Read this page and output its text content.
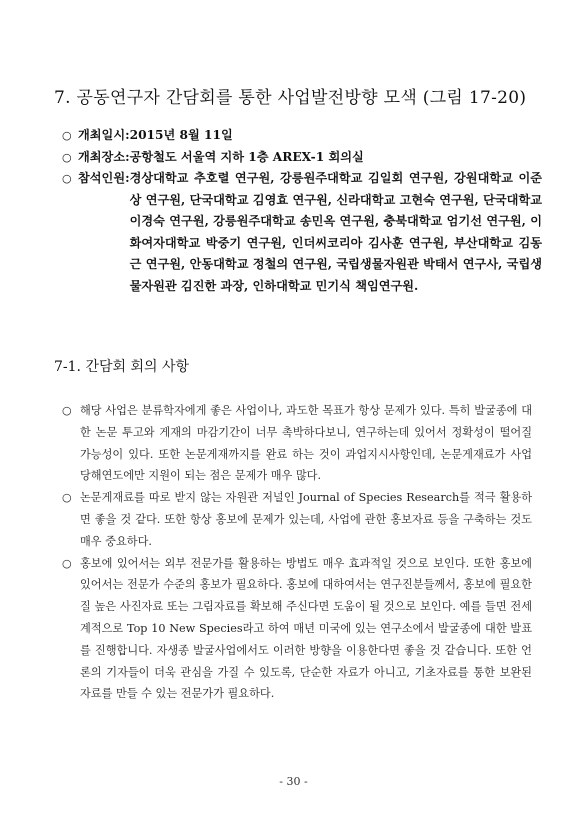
7. 공동연구자 간담회를 통한 사업발전방향 모색 (그림 17-20)
○ 개최일시: 2015년 8월 11일
○ 개최장소: 공항철도 서울역 지하 1층 AREX-1 회의실
○ 참석인원: 경상대학교 추호렬 연구원, 강릉원주대학교 김일회 연구원, 강원대학교 이준상 연구원, 단국대학교 김영효 연구원, 신라대학교 고현숙 연구원, 단국대학교 이경숙 연구원, 강릉원주대학교 송민옥 연구원, 충북대학교 엄기선 연구원, 이화여자대학교 박중기 연구원, 인더씨코리아 김사훈 연구원, 부산대학교 김동근 연구원, 안동대학교 정철의 연구원, 국립생물자원관 박태서 연구사, 국립생물자원관 김진한 과장, 인하대학교 민기식 책임연구원.
7-1. 간담회 회의 사항
○ 해당 사업은 분류학자에게 좋은 사업이나, 과도한 목표가 항상 문제가 있다. 특히 발굴종에 대한 논문 투고와 게재의 마감기간이 너무 촉박하다보니, 연구하는데 있어서 정확성이 떨어질 가능성이 있다. 또한 논문게재까지를 완료 하는 것이 과업지시사항인데, 논문게재료가 사업 당해연도에만 지원이 되는 점은 문제가 매우 많다.
○ 논문게재료를 따로 받지 않는 자원관 저널인 Journal of Species Research를 적극 활용하면 좋을 것 같다. 또한 항상 홍보에 문제가 있는데, 사업에 관한 홍보자료 등을 구축하는 것도 매우 중요하다.
○ 홍보에 있어서는 외부 전문가를 활용하는 방법도 매우 효과적일 것으로 보인다. 또한 홍보에 있어서는 전문가 수준의 홍보가 필요하다. 홍보에 대하여서는 연구진분들께서, 홍보에 필요한 질 높은 사진자료 또는 그림자료를 확보해 주신다면 도움이 될 것으로 보인다. 예를 들면 전세계적으로 Top 10 New Species라고 하여 매년 미국에 있는 연구소에서 발굴종에 대한 발표를 진행합니다. 자생종 발굴사업에서도 이러한 방향을 이용한다면 좋을 것 같습니다. 또한 언론의 기자들이 더욱 관심을 가질 수 있도록, 단순한 자료가 아니고, 기초자료를 통한 보완된 자료를 만들 수 있는 전문가가 필요하다.
- 30 -
